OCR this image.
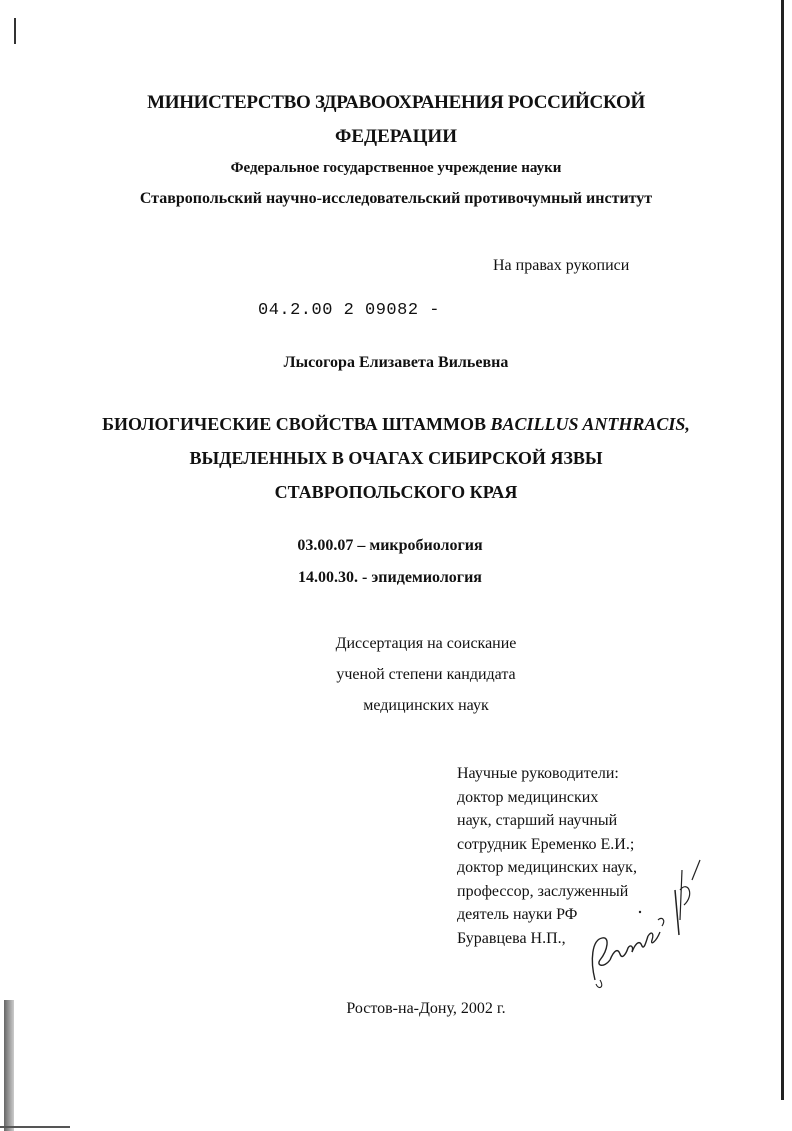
МИНИСТЕРСТВО ЗДРАВООХРАНЕНИЯ РОССИЙСКОЙ
ФЕДЕРАЦИИ
Федеральное государственное учреждение науки
Ставропольский научно-исследовательский противочумный институт
На правах рукописи
04.2.00 2 09082 -
Лысогора Елизавета Вильевна
БИОЛОГИЧЕСКИЕ СВОЙСТВА ШТАММОВ BACILLUS ANTHRACIS,
ВЫДЕЛЕННЫХ В ОЧАГАХ СИБИРСКОЙ ЯЗВЫ
СТАВРОПОЛЬСКОГО КРАЯ
03.00.07 – микробиология
14.00.30. - эпидемиология
Диссертация на соискание
ученой степени кандидата
медицинских наук
Научные руководители:
доктор медицинских
наук, старший научный
сотрудник Еременко Е.И.;
доктор медицинских наук,
профессор, заслуженный
деятель науки РФ
Буравцева Н.П.,
Ростов-на-Дону, 2002 г.
